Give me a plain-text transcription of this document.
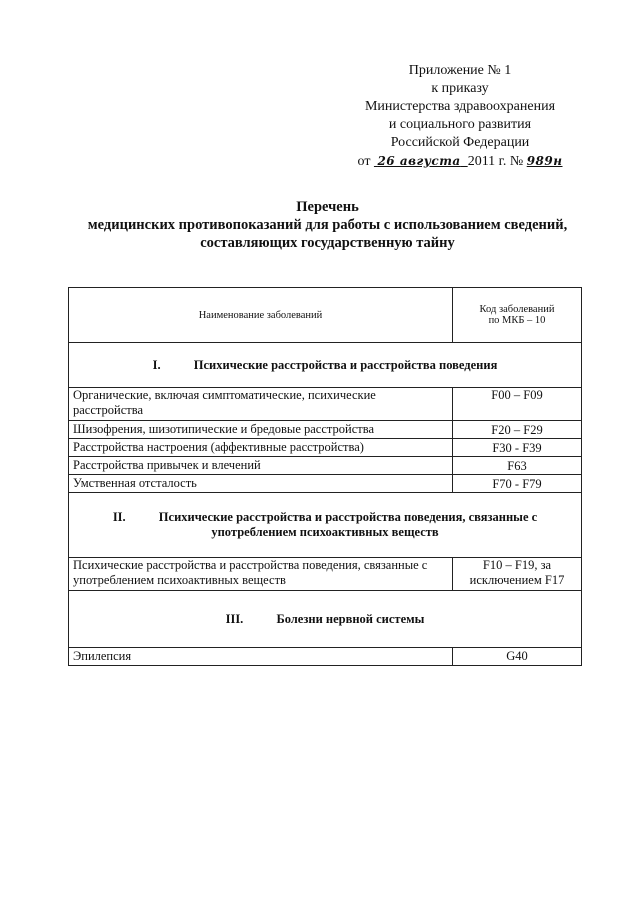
Приложение № 1
к приказу
Министерства здравоохранения
и социального развития
Российской Федерации
от 26 августа 2011 г. № 989н
Перечень
медицинских противопоказаний для работы с использованием сведений,
составляющих государственную тайну
Наименование заболеваний	Код заболеваний
по МКБ – 10
I. Психические расстройства и расстройства поведения	
Органические, включая симптоматические, психические расстройства	F00 – F09
Шизофрения, шизотипические и бредовые расстройства	F20 – F29
Расстройства настроения (аффективные расстройства)	F30 - F39
Расстройства привычек и влечений	F63
Умственная отсталость	F70 - F79
II. Психические расстройства и расстройства поведения, связанные с
употреблением психоактивных веществ	
Психические расстройства и расстройства поведения, связанные с употреблением психоактивных веществ	F10 – F19, за
исключением F17
III. Болезни нервной системы	
Эпилепсия	G40
